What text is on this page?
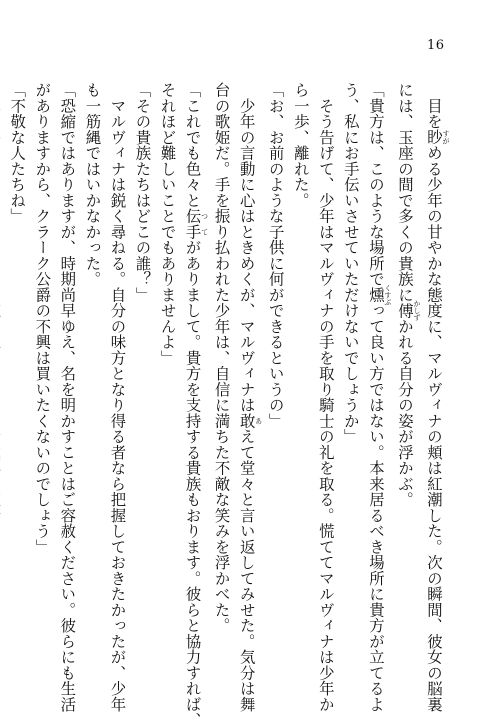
16
　目を眇 すがめる少年の甘やかな態度に、マルヴィナの頬は紅潮した。次の瞬間、彼女の脳裏
には、玉座の間で多くの貴族に傅 かしずかれる自分の姿が浮かぶ。
「貴方は、このような場所で燻 くすぶって良い方ではない。本来居るべき場所に貴方が立てるよ
う、私にお手伝いさせていただけないでしょうか」
　そう告げて、少年はマルヴィナの手を取り騎士の礼を取る。慌ててマルヴィナは少年か
ら一歩、離れた。
「お、お前のような子供に何ができるというの」
　少年の言動に心はときめくが、マルヴィナは敢 あえて堂々と言い返してみせた。気分は舞
台の歌姫だ。手を振り払われた少年は、自信に満ちた不敵な笑みを浮かべた。
「これでも色々と伝手 つてがありまして。貴方を支持する貴族もおります。彼らと協力すれば、
それほど難しいことでもありませんよ」
「その貴族たちはどこの誰？」
　マルヴィナは鋭く尋ねる。自分の味方となり得る者なら把握しておきたかったが、少年
も一筋縄ではいかなかった。
「恐縮ではありますが、時期尚早ゆえ、名を明かすことはご容赦ください。彼らにも生活
がありますから、クラーク公爵の不興は買いたくないのでしょう」
「不敬な人たちね」
